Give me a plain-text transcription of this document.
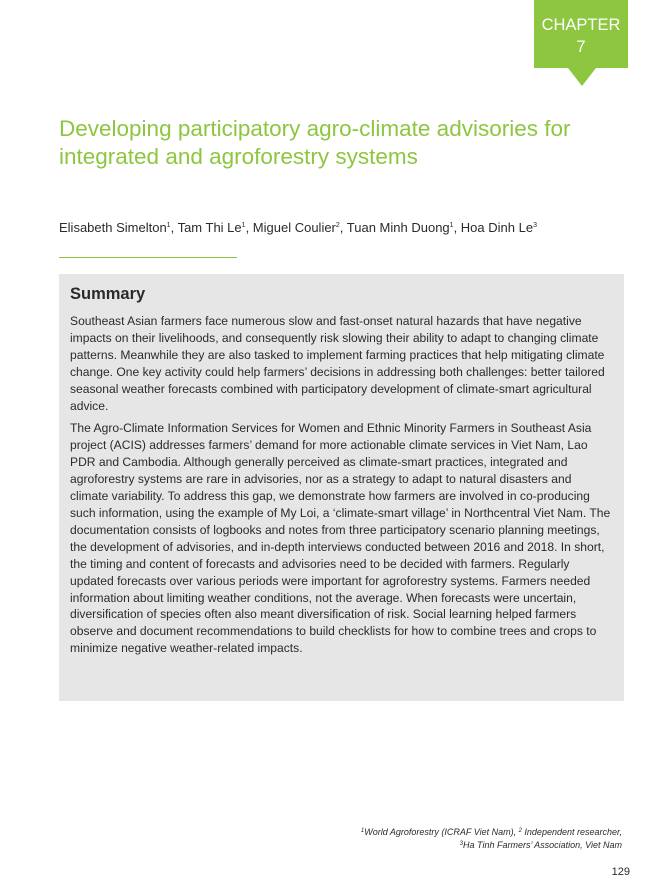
CHAPTER
7
Developing participatory agro-climate advisories for integrated and agroforestry systems
Elisabeth Simelton$^1$, Tam Thi Le$^1$, Miguel Coulier$^2$, Tuan Minh Duong$^1$, Hoa Dinh Le$^3$
Summary

Southeast Asian farmers face numerous slow and fast-onset natural hazards that have negative impacts on their livelihoods, and consequently risk slowing their ability to adapt to changing climate patterns. Meanwhile they are also tasked to implement farming practices that help mitigating climate change. One key activity could help farmers’ decisions in addressing both challenges: better tailored seasonal weather forecasts combined with participatory development of climate-smart agricultural advice.

The Agro-Climate Information Services for Women and Ethnic Minority Farmers in Southeast Asia project (ACIS) addresses farmers’ demand for more actionable climate services in Viet Nam, Lao PDR and Cambodia. Although generally perceived as climate-smart practices, integrated and agroforestry systems are rare in advisories, nor as a strategy to adapt to natural disasters and climate variability. To address this gap, we demonstrate how farmers are involved in co-producing such information, using the example of My Loi, a ‘climate-smart village’ in Northcentral Viet Nam. The documentation consists of logbooks and notes from three participatory scenario planning meetings, the development of advisories, and in-depth interviews conducted between 2016 and 2018. In short, the timing and content of forecasts and advisories need to be decided with farmers. Regularly updated forecasts over various periods were important for agroforestry systems. Farmers needed information about limiting weather conditions, not the average. When forecasts were uncertain, diversification of species often also meant diversification of risk. Social learning helped farmers observe and document recommendations to build checklists for how to combine trees and crops to minimize negative weather-related impacts.

$^1$World Agroforestry (ICRAF Viet Nam), $^2$ Independent researcher,
$^3$Ha Tinh Farmers’ Association, Viet Nam
129
